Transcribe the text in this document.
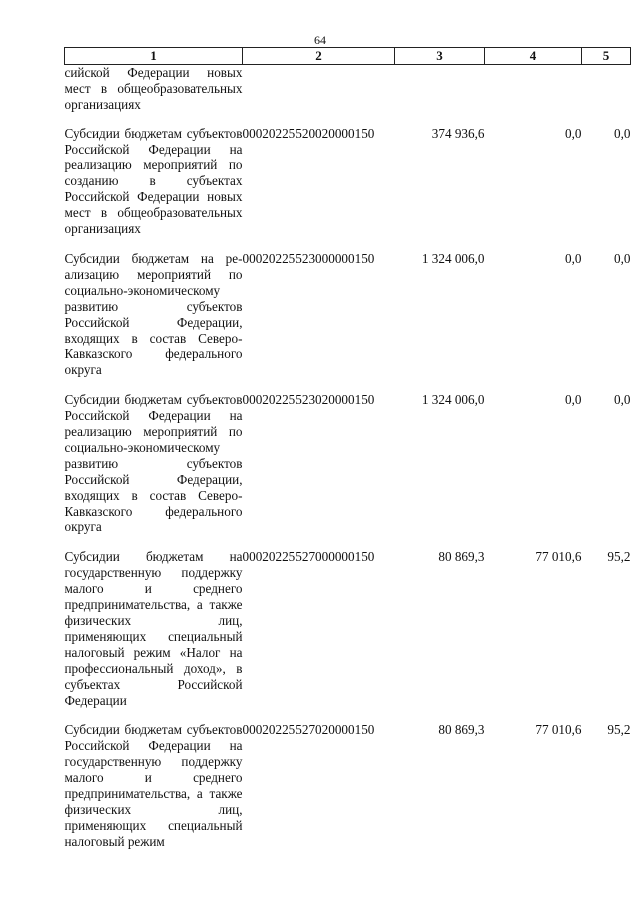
64
1	2	3	4	5
сийской Федерации новых мест в общеобразовательных организациях				
Субсидии бюджетам субъектов Российской Федерации на реализацию мероприятий по созданию в субъектах Российской Федерации новых мест в общеобразовательных организациях	00020225520020000150	374 936,6	0,0	0,0
Субсидии бюджетам на реализацию мероприятий по социально-экономическому развитию субъектов Российской Федерации, входящих в состав Северо-Кавказского федерального округа	00020225523000000150	1 324 006,0	0,0	0,0
Субсидии бюджетам субъектов Российской Федерации на реализацию мероприятий по социально-экономическому развитию субъектов Российской Федерации, входящих в состав Северо-Кавказского федерального округа	00020225523020000150	1 324 006,0	0,0	0,0
Субсидии бюджетам на государственную поддержку малого и среднего предпринимательства, а также физических лиц, применяющих специальный налоговый режим «Налог на профессиональный доход», в субъектах Российской Федерации	00020225527000000150	80 869,3	77 010,6	95,2
Субсидии бюджетам субъектов Российской Федерации на государственную поддержку малого и среднего предпринимательства, а также физических лиц, применяющих специальный налоговый режим	00020225527020000150	80 869,3	77 010,6	95,2
